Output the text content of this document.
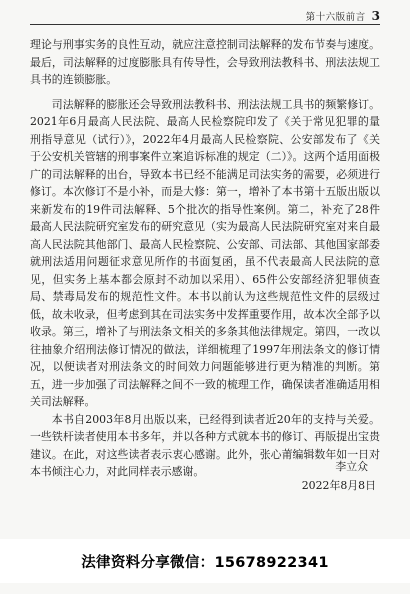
第十六版前言 3

理论与刑事实务的良性互动，就应注意控制司法解释的发布节奏与速度。最后，司法解释的过度膨胀具有传导性，会导致刑法教科书、刑法法规工具书的连锁膨胀。

司法解释的膨胀还会导致刑法教科书、刑法法规工具书的频繁修订。2021年6月最高人民法院、最高人民检察院印发了《关于常见犯罪的量刑指导意见（试行）》，2022年4月最高人民检察院、公安部发布了《关于公安机关管辖的刑事案件立案追诉标准的规定（二）》。这两个适用面极广的司法解释的出台，导致本书已经不能满足司法实务的需要，必须进行修订。本次修订不是小补，而是大修：第一，增补了本书第十五版出版以来新发布的19件司法解释、5个批次的指导性案例。第二，补充了28件最高人民法院研究室发布的研究意见（实为最高人民法院研究室对来自最高人民法院其他部门、最高人民检察院、公安部、司法部、其他国家部委就刑法适用问题征求意见所作的书面复函，虽不代表最高人民法院的意见，但实务上基本都会原封不动加以采用）、65件公安部经济犯罪侦查局、禁毒局发布的规范性文件。本书以前认为这些规范性文件的层级过低，故未收录，但考虑到其在司法实务中发挥重要作用，故本次全部予以收录。第三，增补了与刑法条文相关的多条其他法律规定。第四，一改以往抽象介绍刑法修订情况的做法，详细梳理了1997年刑法条文的修订情况，以便读者对刑法条文的时间效力问题能够进行更为精准的判断。第五，进一步加强了司法解释之间不一致的梳理工作，确保读者准确适用相关司法解释。

本书自2003年8月出版以来，已经得到读者近20年的支持与关爱。一些铁杆读者使用本书多年，并以各种方式就本书的修订、再版提出宝贵建议。在此，对这些读者表示衷心感谢。此外，张心莆编辑数年如一日对本书倾注心力，对此同样表示感谢。	李立众
2022年8月8日
法律资料分享微信：15678922341
